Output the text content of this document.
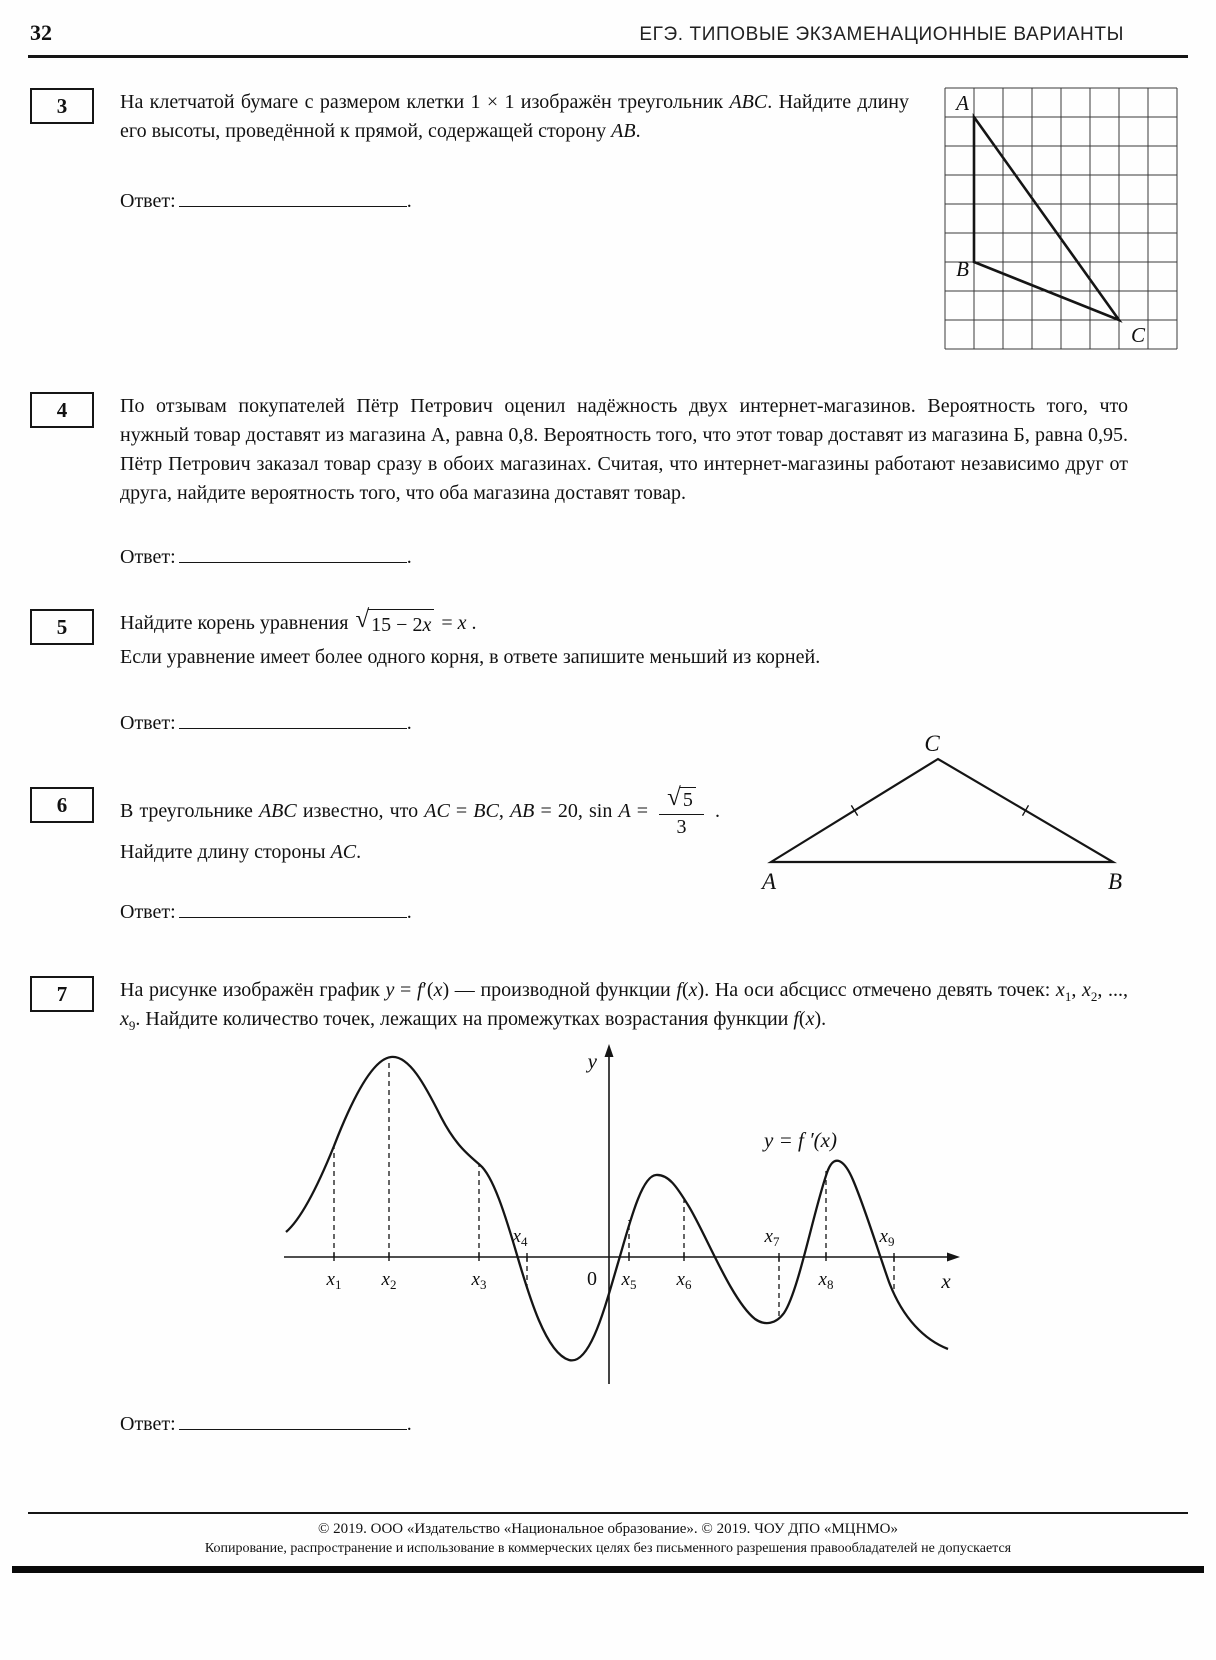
32	ЕГЭ. ТИПОВЫЕ ЭКЗАМЕНАЦИОННЫЕ ВАРИАНТЫ
3	На клетчатой бумаге с размером клетки 1 × 1 изображён треугольник ABC. Найдите длину его высоты, проведённой к прямой, содержащей сторону AB.

Ответ:	.
A
B
C
4	По отзывам покупателей Пётр Петрович оценил надёжность двух интернет-магазинов. Вероятность того, что нужный товар доставят из магазина А, равна 0,8. Вероятность того, что этот товар доставят из магазина Б, равна 0,95. Пётр Петрович заказал товар сразу в обоих магазинах. Считая, что интернет-магазины работают независимо друг от друга, найдите вероятность того, что оба магазина доставят товар.

Ответ:	.
5	Найдите корень уравнения √ 15 − 2x = x .

Если уравнение имеет более одного корня, в ответе запишите меньший из корней.

Ответ:	.
6	В треугольнике ABC известно, что AC = BC, AB = 20, $\sin A = \frac{√ 5}{3}$ . Найдите длину стороны AC.

Ответ:	.
A	B
C
7	На рисунке изображён график y = f′(x) — производной функции f(x). На оси абсцисс отмечено девять точек: $x_1$, $x_2$, ..., $x_9$. Найдите количество точек, лежащих на промежутках возрастания функции f(x).

y
x
0
y = f ′(x)
$x_1$ $x_2$	$x_3$	$x_5$ $x_6$	$x_8$
$x_4$	$x_7$	$x_9$
Ответ:	.

© 2019. ООО «Издательство «Национальное образование». © 2019. ЧОУ ДПО «МЦНМО»

Копирование, распространение и использование в коммерческих целях без письменного разрешения правообладателей не допускается
